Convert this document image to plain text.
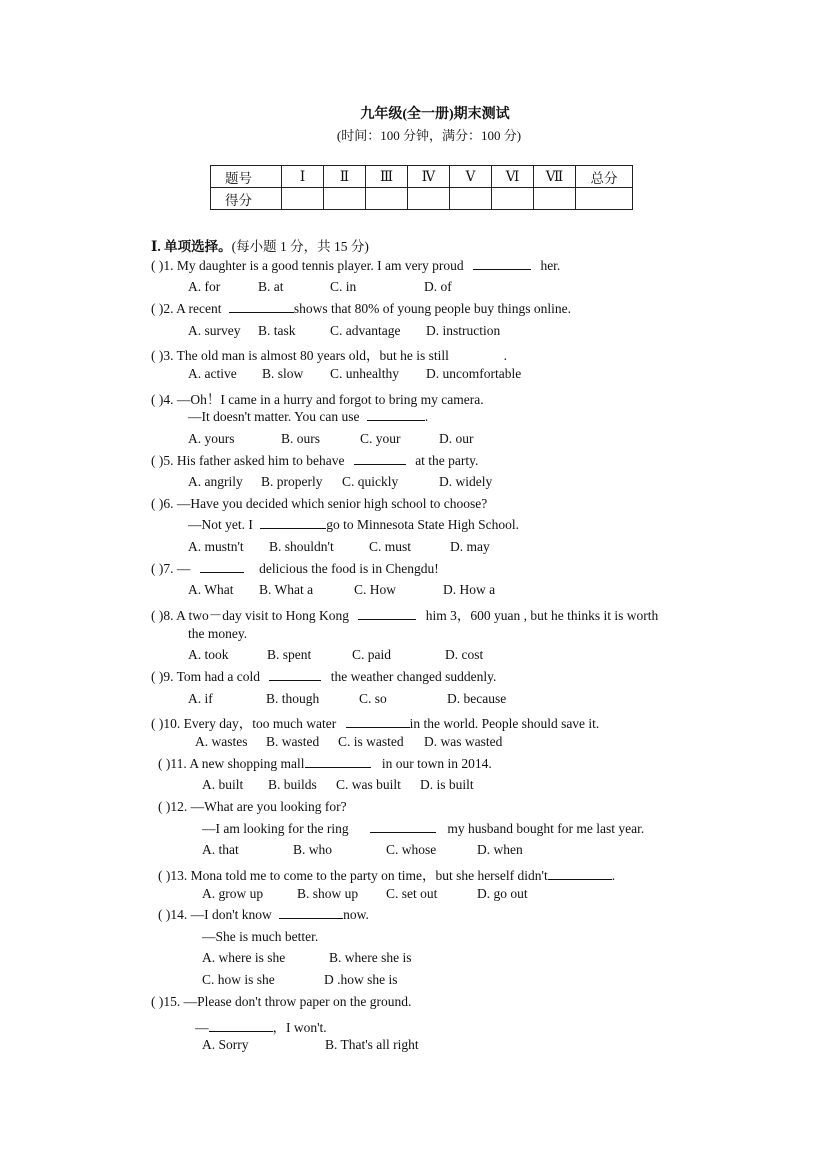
九年级(全一册)期末测试
(时间：100 分钟，满分：100 分)
题号	Ⅰ	Ⅱ	Ⅲ	Ⅳ	Ⅴ	Ⅵ	Ⅶ	总分
得分								
Ⅰ. 单项选择。(每小题 1 分，共 15 分)
( )1. My daughter is a good tennis player. I am very proud	her.
A. for	B. at	C. in	D. of
( )2. A recent	shows that 80% of young people buy things online.
A. survey B. task	C. advantage D. instruction
( )3. The old man is almost 80 years old，but he is still	.
A. active B. slow C. unhealthy D. uncomfortable
( )4. —Oh！I came in a hurry and forgot to bring my camera.
—It doesn't matter. You can use	.
A. yours	B. ours	C. your	D. our
( )5. His father asked him to behave	at the party.
A. angrily B. properly C. quickly	D. widely
( )6. —Have you decided which senior high school to choose?
—Not yet. I	go to Minnesota State High School.
A. mustn't B. shouldn't	C. must	D. may
( )7. —	delicious the food is in Chengdu!
A. What B. What a	C. How	D. How a
( )8. A two－day visit to Hong Kong	him 3，600 yuan , but he thinks it is worth
the money.
A. took	B. spent	C. paid	D. cost
( )9. Tom had a cold	the weather changed suddenly.
A. if	B. though	C. so	D. because
( )10. Every day，too much water	in the world. People should save it.
A. wastes B. wasted C. is wasted D. was wasted
( )11. A new shopping mall	in our town in 2014.
A. built B. builds C. was built D. is built
( )12. —What are you looking for?
—I am looking for the ring	my husband bought for me last year.
A. that	B. who	C. whose	D. when
( )13. Mona told me to come to the party on time，but she herself didn't	.
A. grow up	B. show up C. set out	D. go out
( )14. —I don't know	now.
—She is much better.
A. where is she	B. where she is
C. how is she	D .how she is
( )15. —Please don't throw paper on the ground.
—	，I won't.
A. Sorry	B. That's all right
